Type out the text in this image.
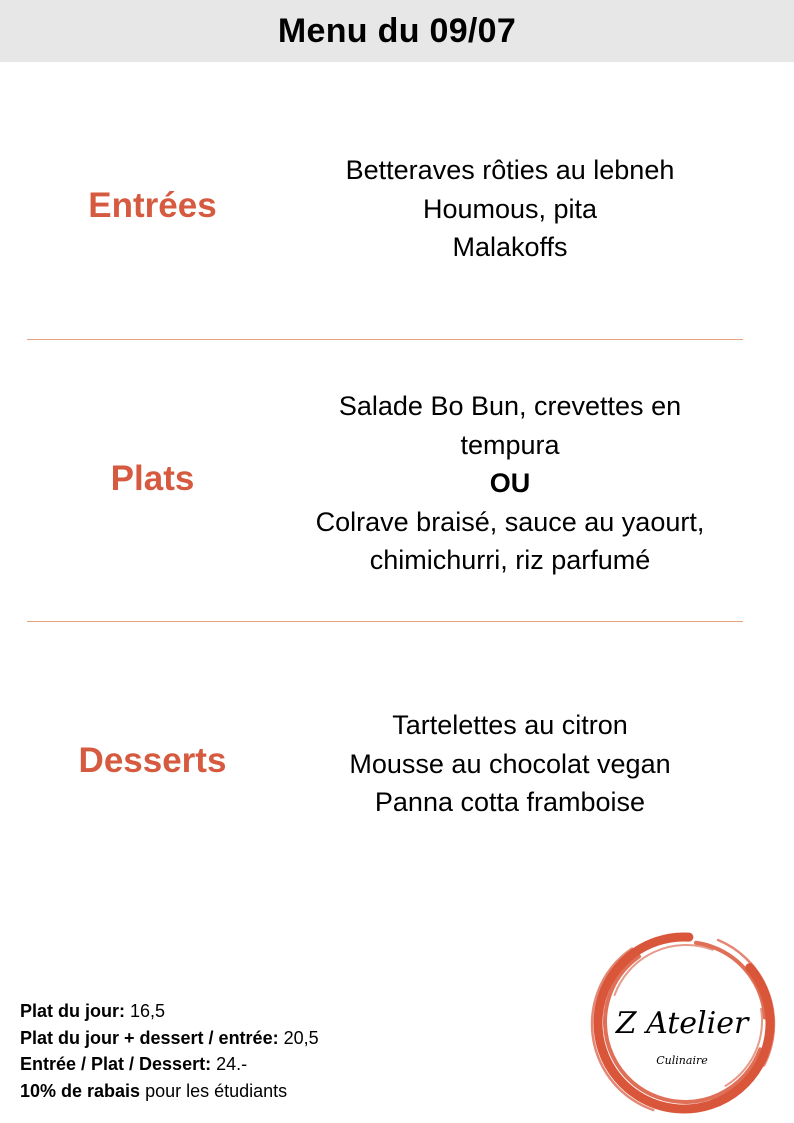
Menu du 09/07
Entrées
Betteraves rôties au lebneh
Houmous, pita
Malakoffs
Plats
Salade Bo Bun, crevettes en
tempura
OU
Colrave braisé, sauce au yaourt,
chimichurri, riz parfumé
Desserts
Tartelettes au citron
Mousse au chocolat vegan
Panna cotta framboise
Plat du jour: 16,5
Plat du jour + dessert / entrée: 20,5
Entrée / Plat / Dessert: 24.-
10% de rabais pour les étudiants
Z Atelier
Culinaire
